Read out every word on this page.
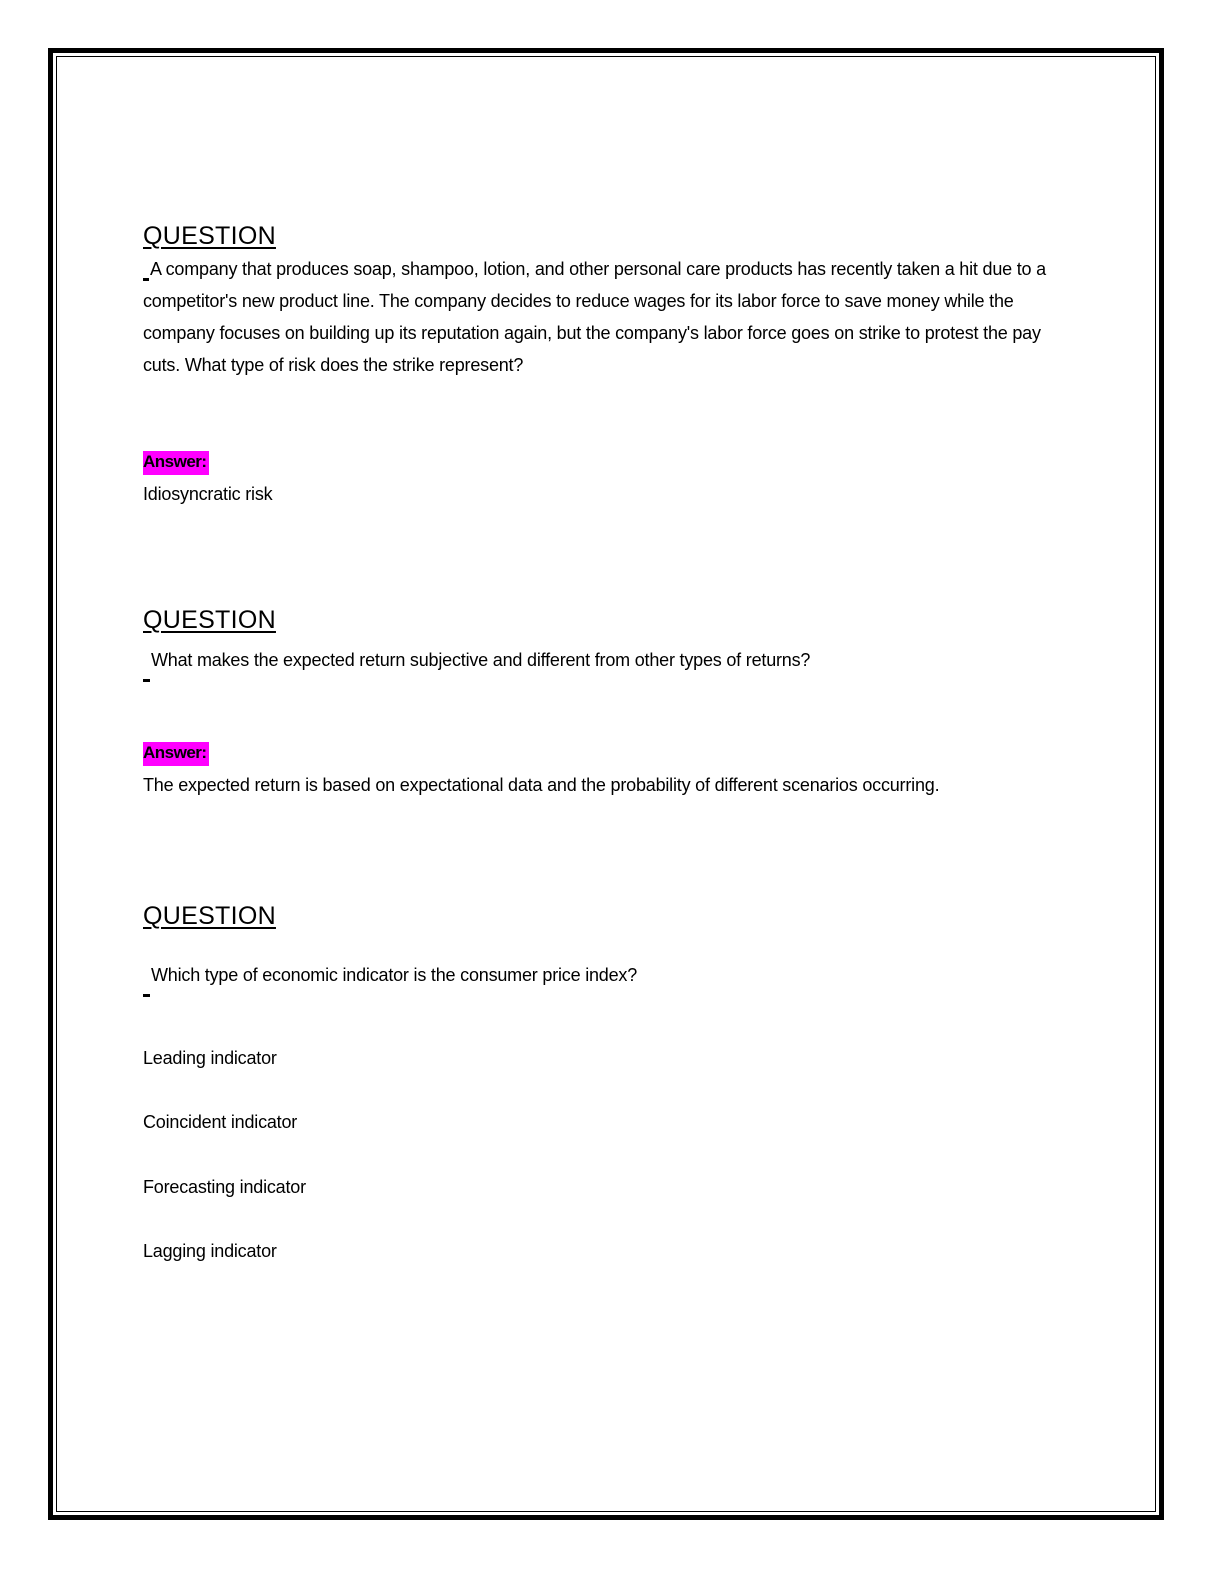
QUESTION

A company that produces soap, shampoo, lotion, and other personal care products has recently taken a hit due to a competitor's new product line. The company decides to reduce wages for its labor force to save money while the company focuses on building up its reputation again, but the company's labor force goes on strike to protest the pay cuts. What type of risk does the strike represent?

Answer:

Idiosyncratic risk

QUESTION

What makes the expected return subjective and different from other types of returns?

Answer:

The expected return is based on expectational data and the probability of different scenarios occurring.

QUESTION

Which type of economic indicator is the consumer price index?

Leading indicator

Coincident indicator

Forecasting indicator

Lagging indicator
